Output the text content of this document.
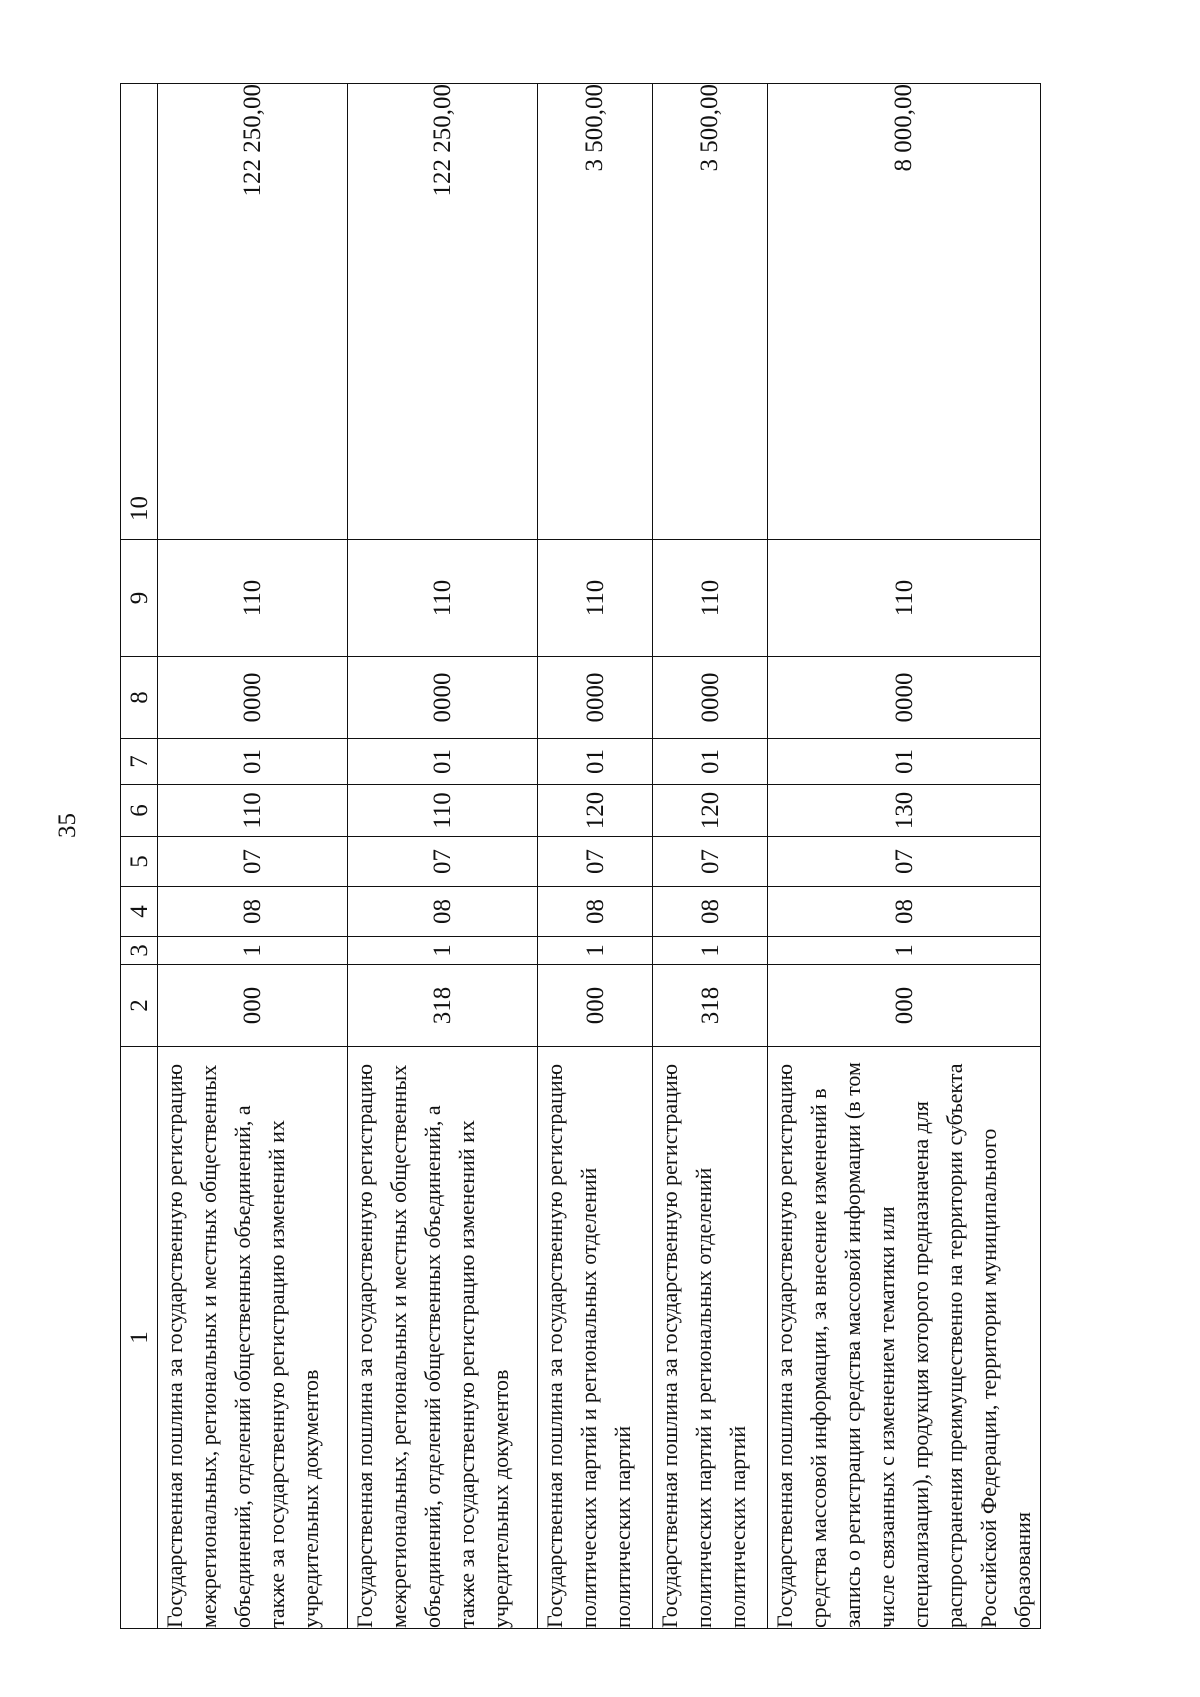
35
1	2	3	4	5	6	7	8	9	10
Государственная пошлина за государственную регистрацию межрегиональных, региональных и местных общественных объединений, отделений общественных объединений, а также за государственную регистрацию изменений их учредительных документов	000	1	08	07	110	01	0000	110	122 250,00
Государственная пошлина за государственную регистрацию межрегиональных, региональных и местных общественных объединений, отделений общественных объединений, а также за государственную регистрацию изменений их учредительных документов	318	1	08	07	110	01	0000	110	122 250,00
Государственная пошлина за государственную регистрацию политических партий и региональных отделений политических партий	000	1	08	07	120	01	0000	110	3 500,00
Государственная пошлина за государственную регистрацию политических партий и региональных отделений политических партий	318	1	08	07	120	01	0000	110	3 500,00
Государственная пошлина за государственную регистрацию средства массовой информации, за внесение изменений в запись о регистрации средства массовой информации (в том числе связанных с изменением тематики или специализации), продукция которого предназначена для распространения преимущественно на территории субъекта Российской Федерации, территории муниципального образования	000	1	08	07	130	01	0000	110	8 000,00
